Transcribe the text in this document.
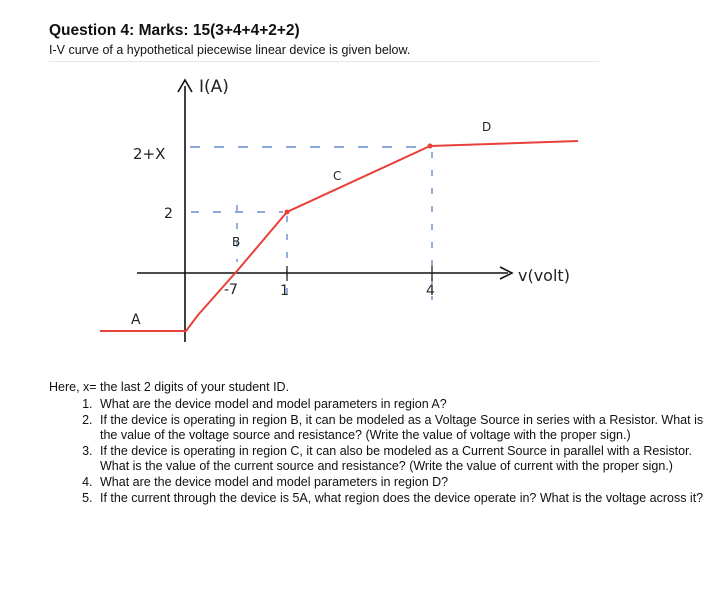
Question 4: Marks: 15(3+4+4+2+2)
I-V curve of a hypothetical piecewise linear device is given below.
I(A)
v(volt)
2+X
2
-7	1	4
A
B
C
D
Here, x= the last 2 digits of your student ID.
1. What are the device model and model parameters in region A?
2. If the device is operating in region B, it can be modeled as a Voltage Source in series with a Resistor. What is the value of the voltage source and resistance? (Write the value of voltage with the proper sign.)
3. If the device is operating in region C, it can also be modeled as a Current Source in parallel with a Resistor. What is the value of the current source and resistance? (Write the value of current with the proper sign.)
4. What are the device model and model parameters in region D?
5. If the current through the device is 5A, what region does the device operate in? What is the voltage across it?
